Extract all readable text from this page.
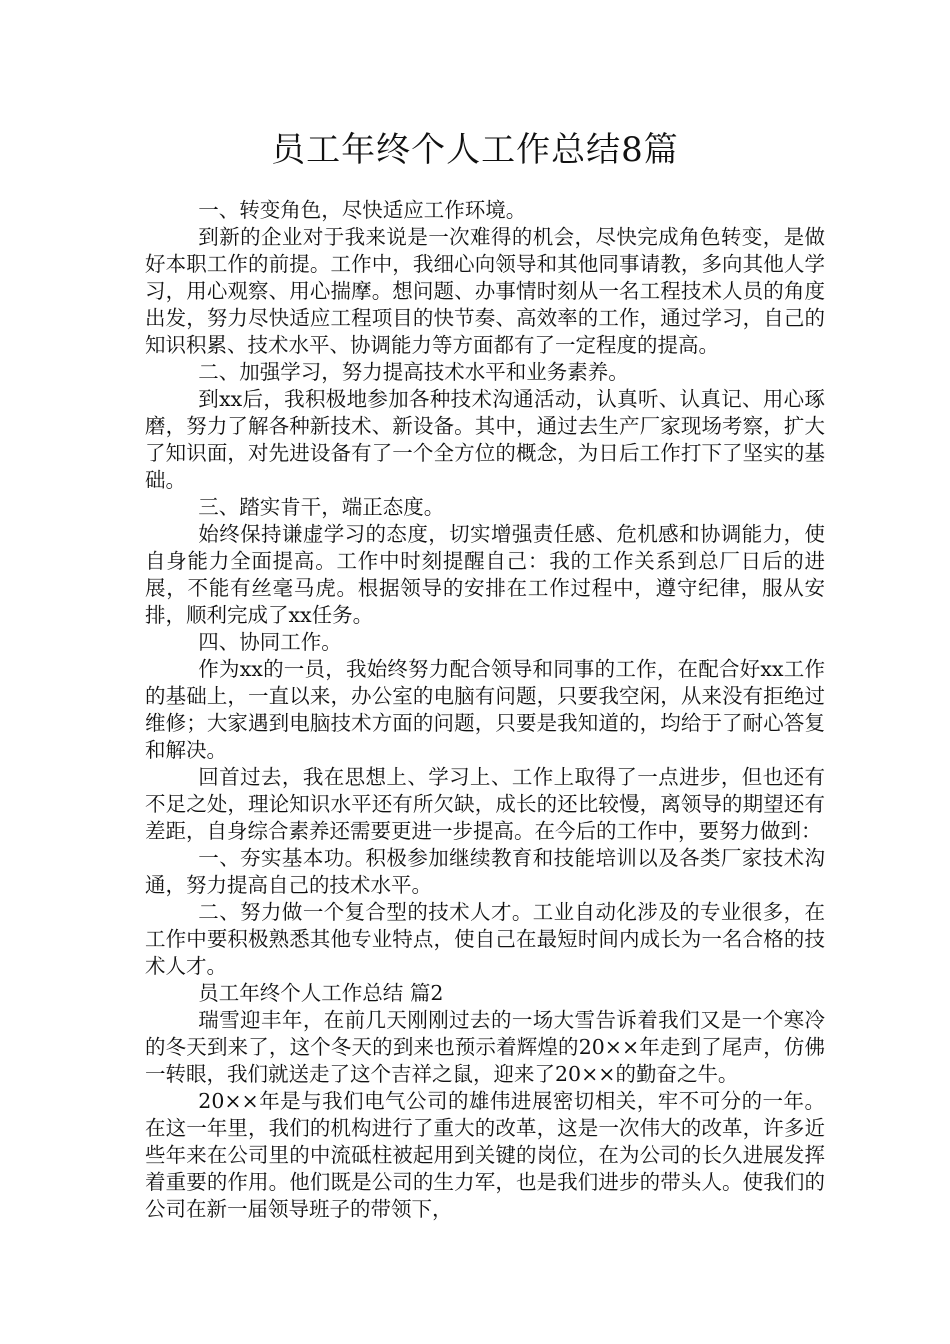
员工年终个人工作总结8篇

一、转变角色，尽快适应工作环境。

到新的企业对于我来说是一次难得的机会，尽快完成角色转变，是做好本职工作的前提。工作中，我细心向领导和其他同事请教，多向其他人学习，用心观察、用心揣摩。想问题、办事情时刻从一名工程技术人员的角度出发，努力尽快适应工程项目的快节奏、高效率的工作，通过学习，自己的知识积累、技术水平、协调能力等方面都有了一定程度的提高。

二、加强学习，努力提高技术水平和业务素养。

到xx后，我积极地参加各种技术沟通活动，认真听、认真记、用心琢磨，努力了解各种新技术、新设备。其中，通过去生产厂家现场考察，扩大了知识面，对先进设备有了一个全方位的概念，为日后工作打下了坚实的基础。

三、踏实肯干，端正态度。

始终保持谦虚学习的态度，切实增强责任感、危机感和协调能力，使自身能力全面提高。工作中时刻提醒自己：我的工作关系到总厂日后的进展，不能有丝毫马虎。根据领导的安排在工作过程中，遵守纪律，服从安排，顺利完成了xx任务。

四、协同工作。

作为xx的一员，我始终努力配合领导和同事的工作，在配合好xx工作的基础上，一直以来，办公室的电脑有问题，只要我空闲，从来没有拒绝过维修；大家遇到电脑技术方面的问题，只要是我知道的，均给于了耐心答复和解决。

回首过去，我在思想上、学习上、工作上取得了一点进步，但也还有不足之处，理论知识水平还有所欠缺，成长的还比较慢，离领导的期望还有差距，自身综合素养还需要更进一步提高。在今后的工作中，要努力做到：

一、夯实基本功。积极参加继续教育和技能培训以及各类厂家技术沟通，努力提高自己的技术水平。

二、努力做一个复合型的技术人才。工业自动化涉及的专业很多，在工作中要积极熟悉其他专业特点，使自己在最短时间内成长为一名合格的技术人才。

员工年终个人工作总结 篇2

瑞雪迎丰年，在前几天刚刚过去的一场大雪告诉着我们又是一个寒冷的冬天到来了，这个冬天的到来也预示着辉煌的20××年走到了尾声，仿佛一转眼，我们就送走了这个吉祥之鼠，迎来了20××的勤奋之牛。

20××年是与我们电气公司的雄伟进展密切相关，牢不可分的一年。在这一年里，我们的机构进行了重大的改革，这是一次伟大的改革，许多近些年来在公司里的中流砥柱被起用到关键的岗位，在为公司的长久进展发挥着重要的作用。他们既是公司的生力军，也是我们进步的带头人。使我们的公司在新一届领导班子的带领下，
